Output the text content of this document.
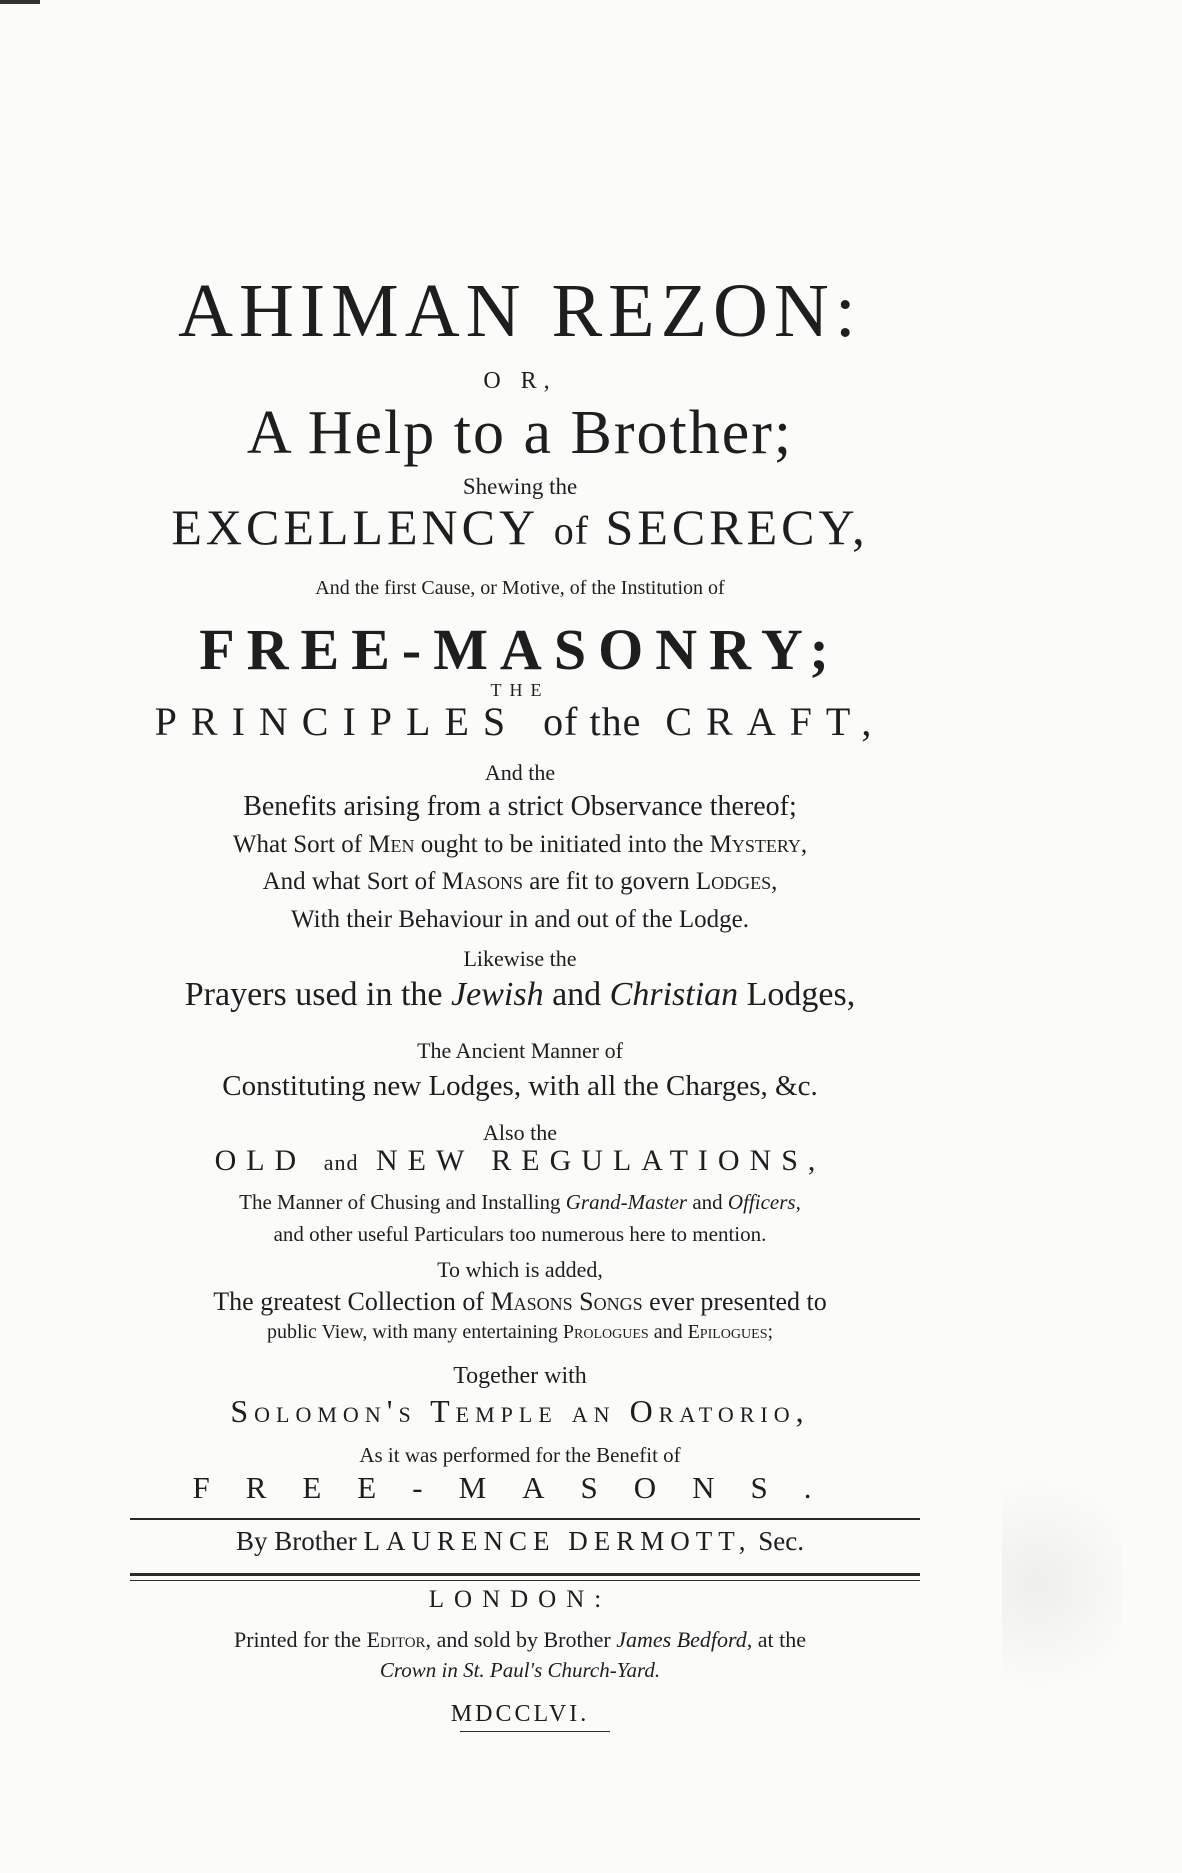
AHIMAN REZON:
O R,
A Help to a Brother;
Shewing the
EXCELLENCY of SECRECY,
And the first Cause, or Motive, of the Institution of
FREE-MASONRY;
THE
PRINCIPLES of the CRAFT,
And the
Benefits arising from a strict Observance thereof;
What Sort of Men ought to be initiated into the Mystery,
And what Sort of Masons are fit to govern Lodges,
With their Behaviour in and out of the Lodge.
Likewise the
Prayers used in the Jewish and Christian Lodges,
The Ancient Manner of
Constituting new Lodges, with all the Charges, &c.
Also the
OLD and NEW REGULATIONS,
The Manner of Chusing and Installing Grand-Master and Officers,
and other useful Particulars too numerous here to mention.
To which is added,
The greatest Collection of Masons Songs ever presented to
public View, with many entertaining Prologues and Epilogues;
Together with
Solomon's Temple an Oratorio,
As it was performed for the Benefit of
FREE-MASONS.
By Brother LAURENCE DERMOTT, Sec.
LONDON:
Printed for the Editor, and sold by Brother James Bedford, at the
Crown in St. Paul's Church-Yard.
MDCCLVI.
